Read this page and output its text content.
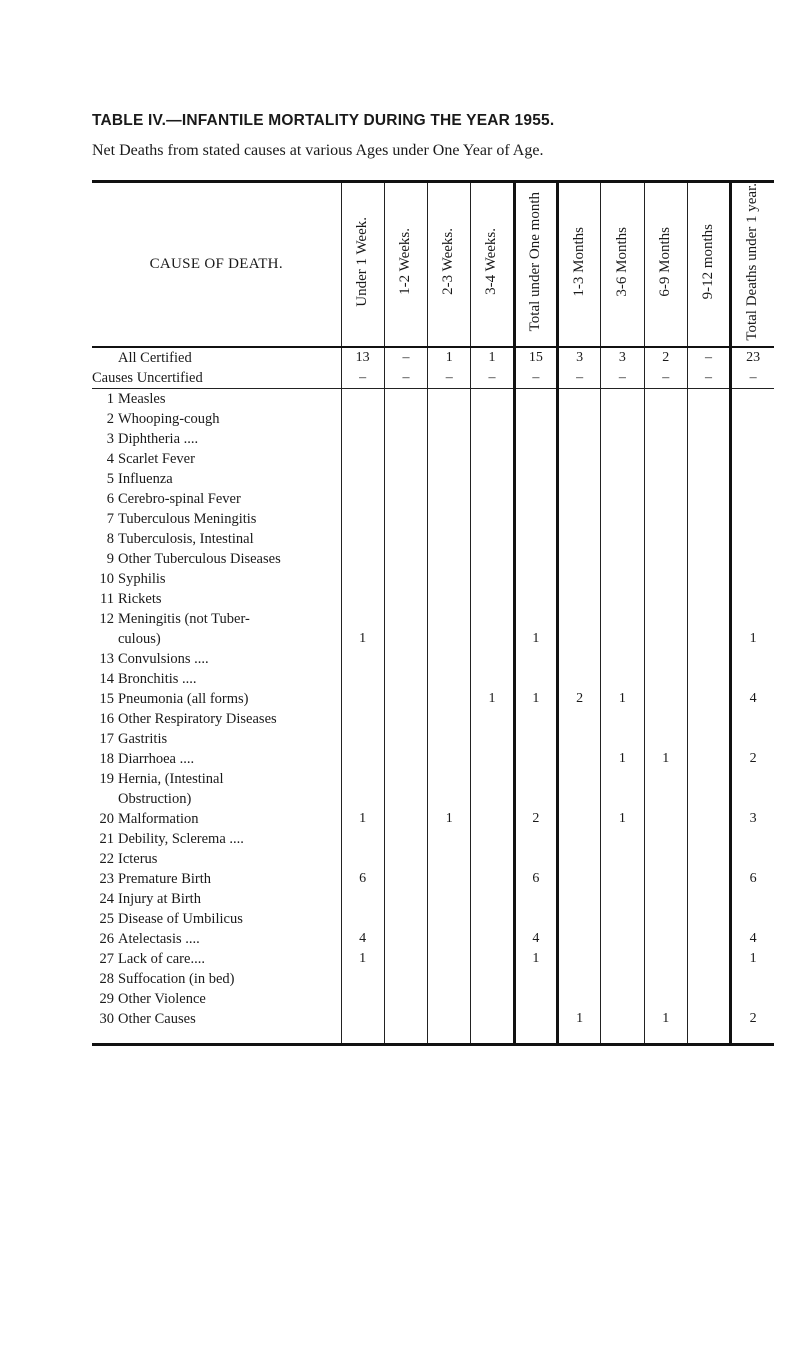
TABLE IV.—INFANTILE MORTALITY DURING THE YEAR 1955.
Net Deaths from stated causes at various Ages under One Year of Age.
CAUSE OF DEATH.	Under 1 Week.	1-2 Weeks.	2-3 Weeks.	3-4 Weeks.	Total under One month	1-3 Months	3-6 Months	6-9 Months	9-12 months	Total Deaths under 1 year.
All Certified	13	–	1	1	15	3	3	2	–	23
Causes Uncertified	–	–	–	–	–	–	–	–	–	–
1 Measles										
2 Whooping-cough										
3 Diphtheria ....										
4 Scarlet Fever										
5 Influenza										
6 Cerebro-spinal Fever										
7 Tuberculous Meningitis										
8 Tuberculosis, Intestinal										
9 Other Tuberculous Diseases										
10 Syphilis										
11 Rickets										
12 Meningitis (not Tuber-
culous)	1				1					1
13 Convulsions ....										
14 Bronchitis ....										
15 Pneumonia (all forms)				1	1	2	1			4
16 Other Respiratory Diseases										
17 Gastritis										
18 Diarrhoea ....							1	1		2
19 Hernia, (Intestinal
Obstruction)										
20 Malformation	1		1		2		1			3
21 Debility, Sclerema ....										
22 Icterus										
23 Premature Birth	6				6					6
24 Injury at Birth										
25 Disease of Umbilicus										
26 Atelectasis ....	4				4					4
27 Lack of care....	1				1					1
28 Suffocation (in bed)										
29 Other Violence										
30 Other Causes						1		1		2
